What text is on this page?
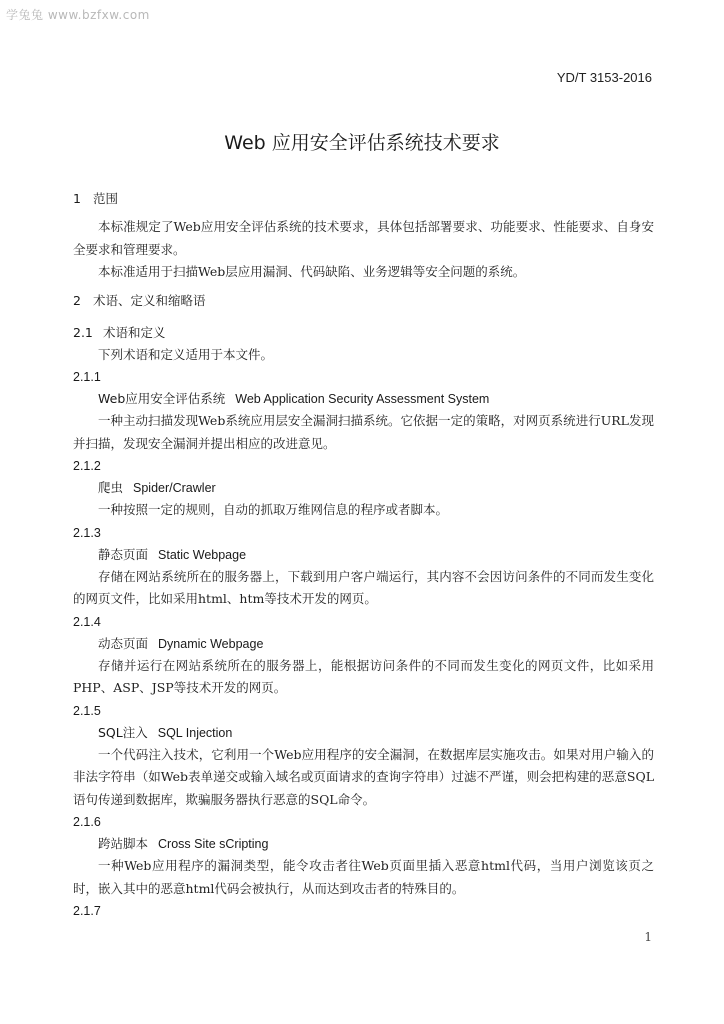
学兔兔 www.bzfxw.com
YD/T 3153-2016
Web 应用安全评估系统技术要求

1 范围

本标准规定了Web应用安全评估系统的技术要求，具体包括部署要求、功能要求、性能要求、自身安全要求和管理要求。

本标准适用于扫描Web层应用漏洞、代码缺陷、业务逻辑等安全问题的系统。

2 术语、定义和缩略语

2.1 术语和定义

下列术语和定义适用于本文件。

2.1.1

Web应用安全评估系统 Web Application Security Assessment System

一种主动扫描发现Web系统应用层安全漏洞扫描系统。它依据一定的策略，对网页系统进行URL发现并扫描，发现安全漏洞并提出相应的改进意见。

2.1.2

爬虫 Spider/Crawler

一种按照一定的规则，自动的抓取万维网信息的程序或者脚本。

2.1.3

静态页面 Static Webpage

存储在网站系统所在的服务器上，下载到用户客户端运行，其内容不会因访问条件的不同而发生变化的网页文件，比如采用html、htm等技术开发的网页。

2.1.4

动态页面 Dynamic Webpage

存储并运行在网站系统所在的服务器上，能根据访问条件的不同而发生变化的网页文件，比如采用PHP、ASP、JSP等技术开发的网页。

2.1.5

SQL注入 SQL Injection

一个代码注入技术，它利用一个Web应用程序的安全漏洞，在数据库层实施攻击。如果对用户输入的非法字符串（如Web表单递交或输入域名或页面请求的查询字符串）过滤不严谨，则会把构建的恶意SQL语句传递到数据库，欺骗服务器执行恶意的SQL命令。

2.1.6

跨站脚本 Cross Site sCripting

一种Web应用程序的漏洞类型，能令攻击者往Web页面里插入恶意html代码，当用户浏览该页之时，嵌入其中的恶意html代码会被执行，从而达到攻击者的特殊目的。

2.1.7

1
